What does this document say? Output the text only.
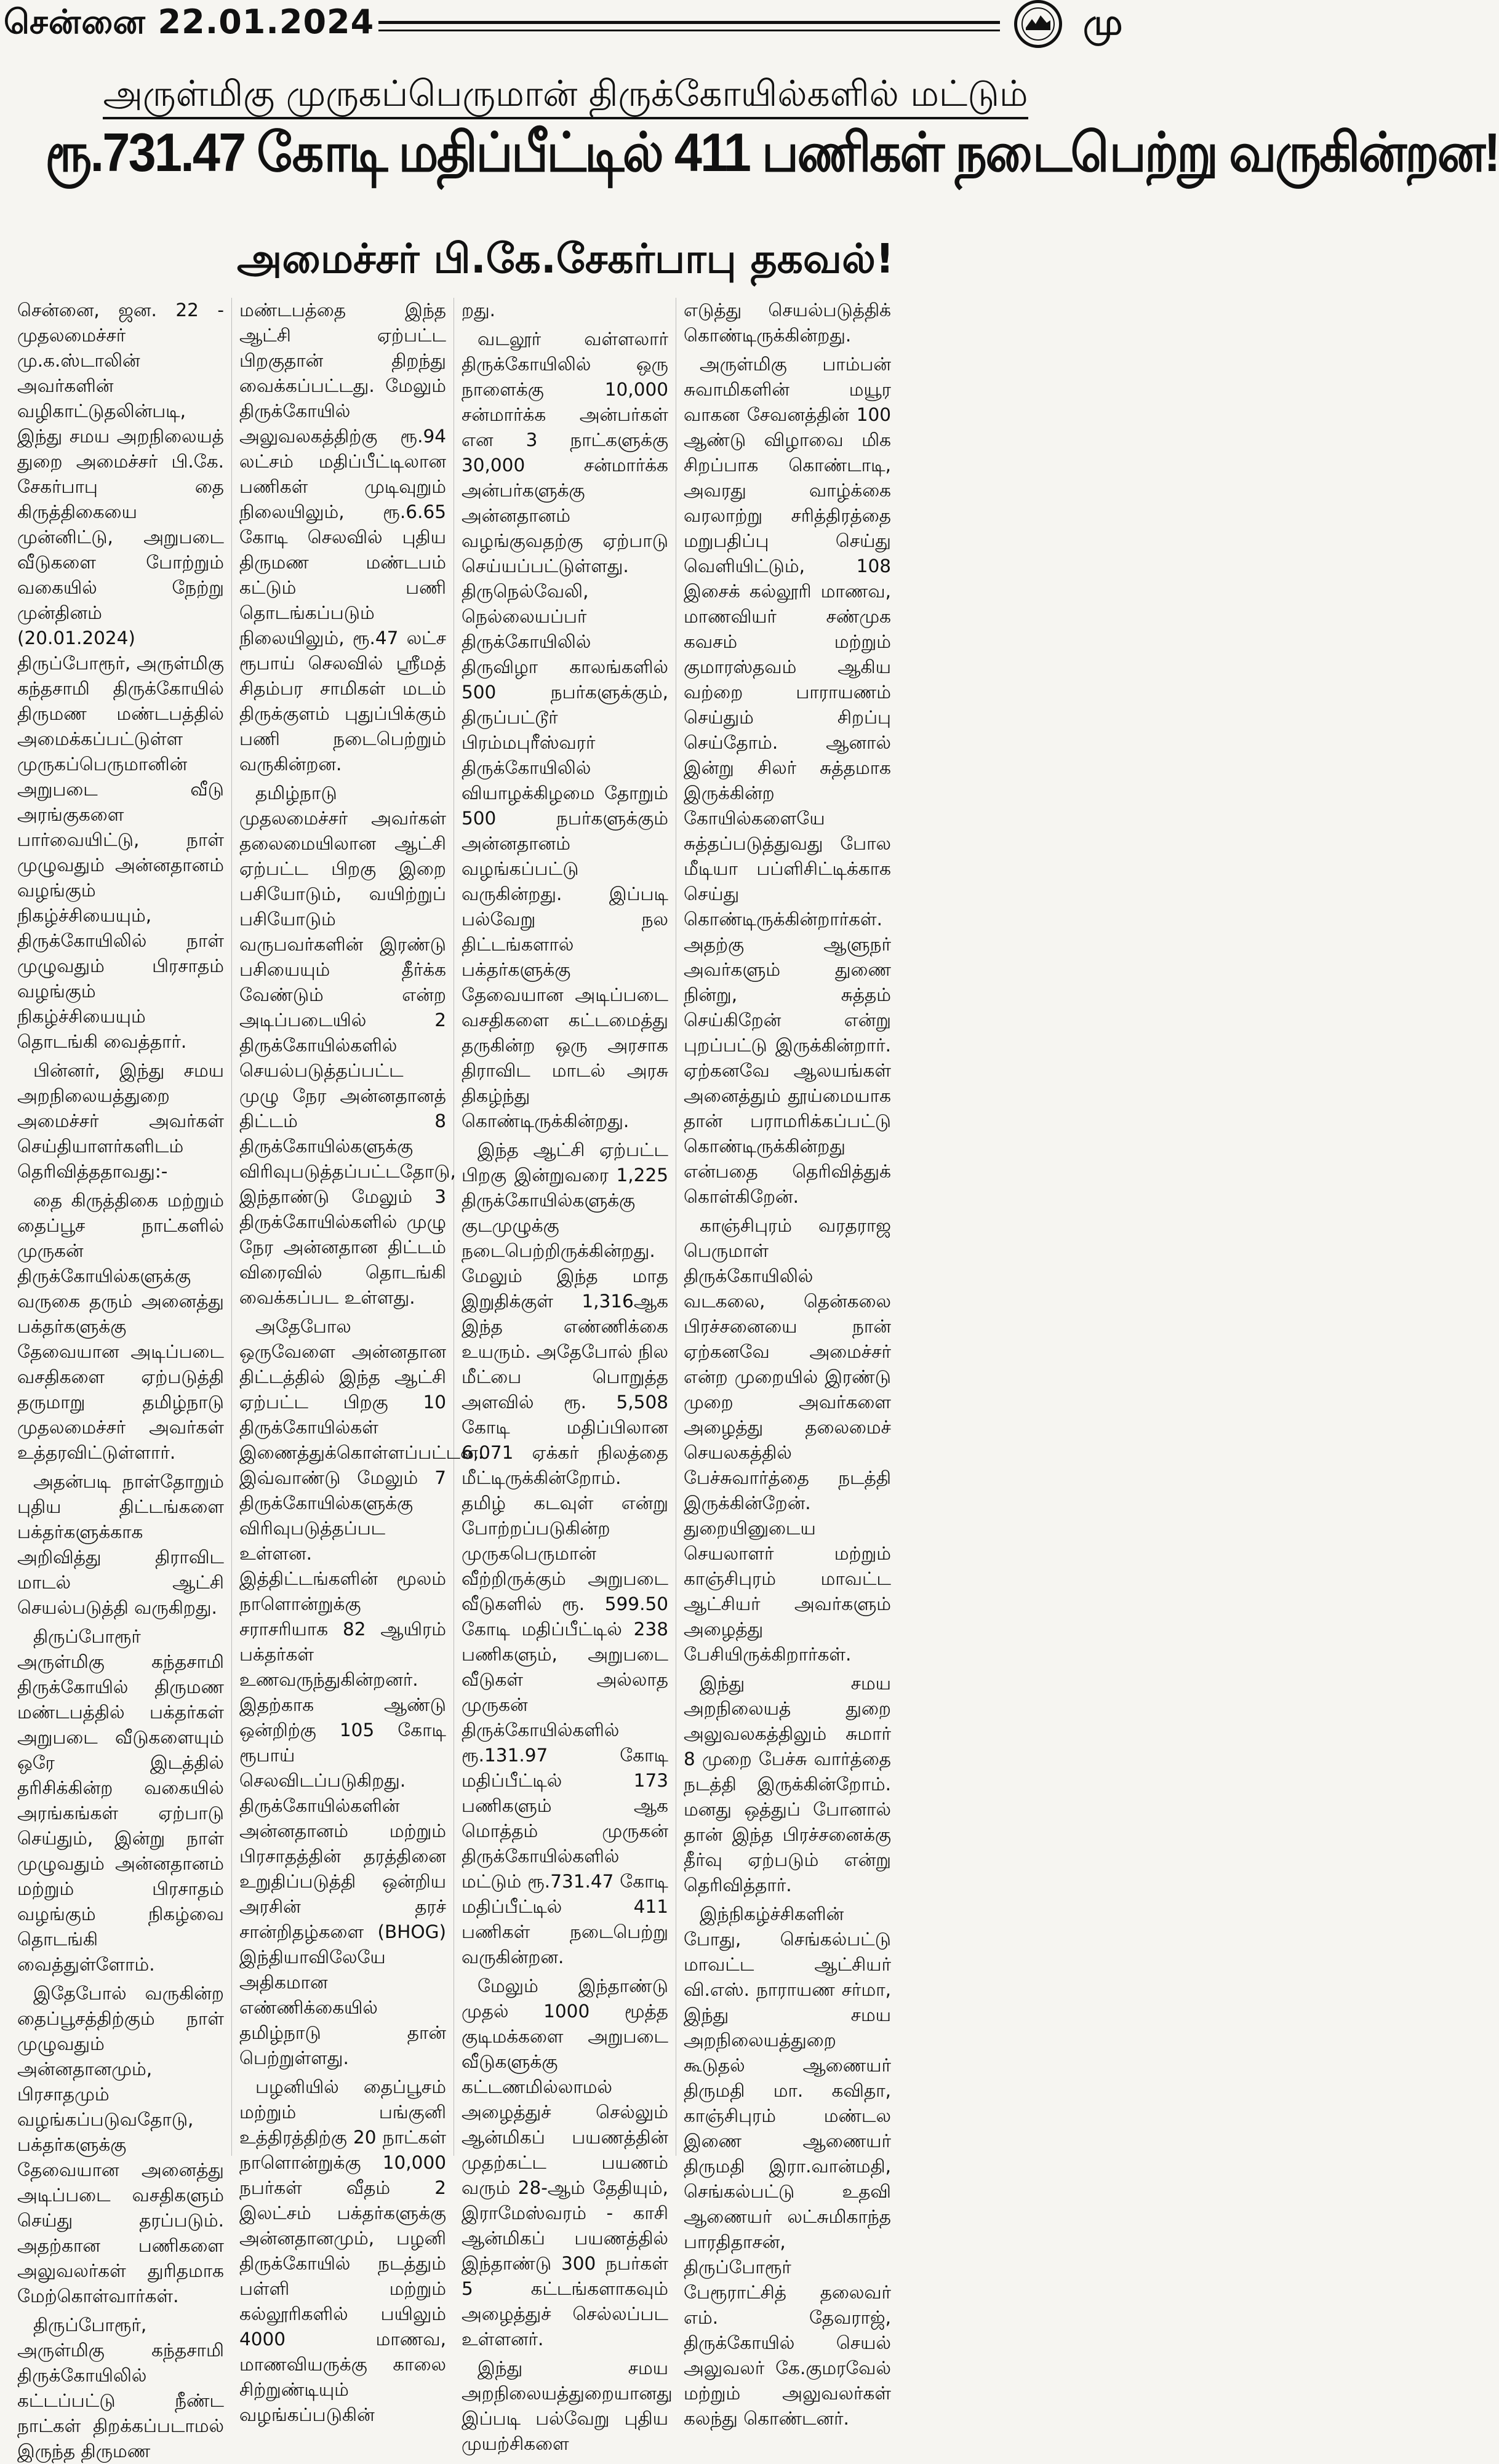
சென்னை 22.01.2024	மு
அருள்மிகு முருகப்பெருமான் திருக்கோயில்களில் மட்டும்
ரூ.731.47 கோடி மதிப்பீட்டில் 411 பணிகள் நடைபெற்று வருகின்றன!
அமைச்சர் பி.கே.சேகர்பாபு தகவல்!

சென்னை, ஜன. 22 - முதலமைச்சர் மு.க.ஸ்டாலின் அவர்களின் வழிகாட்டுதலின்படி, இந்து சமய அறநிலையத் துறை அமைச்சர் பி.கே. சேகர்பாபு தை கிருத்திகையை முன்னிட்டு, அறுபடை வீடுகளை போற்றும் வகையில் நேற்று முன்தினம் (20.01.2024) திருப்போரூர், அருள்மிகு கந்தசாமி திருக்கோயில் திருமண மண்டபத்தில் அமைக்கப்பட்டுள்ள முருகப்பெருமானின் அறுபடை வீடு அரங்குகளை பார்வையிட்டு, நாள் முழுவதும் அன்னதானம் வழங்கும் நிகழ்ச்சியையும், திருக்கோயிலில் நாள் முழுவதும் பிரசாதம் வழங்கும் நிகழ்ச்சியையும் தொடங்கி வைத்தார்.

பின்னர், இந்து சமய அறநிலையத்துறை அமைச்சர் அவர்கள் செய்தியாளர்களிடம் தெரிவித்ததாவது:-

தை கிருத்திகை மற்றும் தைப்பூச நாட்களில் முருகன் திருக்கோயில்களுக்கு வருகை தரும் அனைத்து பக்தர்களுக்கு தேவையான அடிப்படை வசதிகளை ஏற்படுத்தி தருமாறு தமிழ்நாடு முதலமைச்சர் அவர்கள் உத்தரவிட்டுள்ளார்.

அதன்படி நாள்தோறும் புதிய திட்டங்களை பக்தர்களுக்காக அறிவித்து திராவிட மாடல் ஆட்சி செயல்படுத்தி வருகிறது.

திருப்போரூர் அருள்மிகு கந்தசாமி திருக்கோயில் திருமண மண்டபத்தில் பக்தர்கள் அறுபடை வீடுகளையும் ஒரே இடத்தில் தரிசிக்கின்ற வகையில் அரங்கங்கள் ஏற்பாடு செய்தும், இன்று நாள் முழுவதும் அன்னதானம் மற்றும் பிரசாதம் வழங்கும் நிகழ்வை தொடங்கி வைத்துள்ளோம்.

இதேபோல் வருகின்ற தைப்பூசத்திற்கும் நாள் முழுவதும் அன்னதானமும், பிரசாதமும் வழங்கப்படுவதோடு, பக்தர்களுக்கு தேவையான அனைத்து அடிப்படை வசதிகளும் செய்து தரப்படும். அதற்கான பணிகளை அலுவலர்கள் துரிதமாக மேற்கொள்வார்கள்.

திருப்போரூர், அருள்மிகு கந்தசாமி திருக்கோயிலில் கட்டப்பட்டு நீண்ட நாட்கள் திறக்கப்படாமல் இருந்த திருமண

மண்டபத்தை இந்த ஆட்சி ஏற்பட்ட பிறகுதான் திறந்து வைக்கப்பட்டது. மேலும் திருக்கோயில் அலுவலகத்திற்கு ரூ.94 லட்சம் மதிப்பீட்டிலான பணிகள் முடிவுறும் நிலையிலும், ரூ.6.65 கோடி செலவில் புதிய திருமண மண்டபம் கட்டும் பணி தொடங்கப்படும் நிலையிலும், ரூ.47 லட்ச ரூபாய் செலவில் ஸ்ரீமத் சிதம்பர சாமிகள் மடம் திருக்குளம் புதுப்பிக்கும் பணி நடைபெற்றும் வருகின்றன.

தமிழ்நாடு முதலமைச்சர் அவர்கள் தலைமையிலான ஆட்சி ஏற்பட்ட பிறகு இறை பசியோடும், வயிற்றுப் பசியோடும் வருபவர்களின் இரண்டு பசியையும் தீர்க்க வேண்டும் என்ற அடிப்படையில் 2 திருக்கோயில்களில் செயல்படுத்தப்பட்ட முழு நேர அன்னதானத் திட்டம் 8 திருக்கோயில்களுக்கு விரிவுபடுத்தப்பட்டதோடு, இந்தாண்டு மேலும் 3 திருக்கோயில்களில் முழு நேர அன்னதான திட்டம் விரைவில் தொடங்கி வைக்கப்பட உள்ளது.

அதேபோல ஒருவேளை அன்னதான திட்டத்தில் இந்த ஆட்சி ஏற்பட்ட பிறகு 10 திருக்கோயில்கள் இணைத்துக்கொள்ளப்பட்டன. இவ்வாண்டு மேலும் 7 திருக்கோயில்களுக்கு விரிவுபடுத்தப்பட உள்ளன. இத்திட்டங்களின் மூலம் நாளொன்றுக்கு சராசரியாக 82 ஆயிரம் பக்தர்கள் உணவருந்துகின்றனர். இதற்காக ஆண்டு ஒன்றிற்கு 105 கோடி ரூபாய் செலவிடப்படுகிறது. திருக்கோயில்களின் அன்னதானம் மற்றும் பிரசாதத்தின் தரத்தினை உறுதிப்படுத்தி ஒன்றிய அரசின் தரச் சான்றிதழ்களை (BHOG) இந்தியாவிலேயே அதிகமான எண்ணிக்கையில் தமிழ்நாடு தான் பெற்றுள்ளது.

பழனியில் தைப்பூசம் மற்றும் பங்குனி உத்திரத்திற்கு 20 நாட்கள் நாளொன்றுக்கு 10,000 நபர்கள் வீதம் 2 இலட்சம் பக்தர்களுக்கு அன்னதானமும், பழனி திருக்கோயில் நடத்தும் பள்ளி மற்றும் கல்லூரிகளில் பயிலும் 4000 மாணவ, மாணவியருக்கு காலை சிற்றுண்டியும் வழங்கப்படுகின்

றது.

வடலூர் வள்ளலார் திருக்கோயிலில் ஒரு நாளைக்கு 10,000 சன்மார்க்க அன்பர்கள் என 3 நாட்களுக்கு 30,000 சன்மார்க்க அன்பர்களுக்கு அன்னதானம் வழங்குவதற்கு ஏற்பாடு செய்யப்பட்டுள்ளது. திருநெல்வேலி, நெல்லையப்பர் திருக்கோயிலில் திருவிழா காலங்களில் 500 நபர்களுக்கும், திருப்பட்டூர் பிரம்மபுரீஸ்வரர் திருக்கோயிலில் வியாழக்கிழமை தோறும் 500 நபர்களுக்கும் அன்னதானம் வழங்கப்பட்டு வருகின்றது. இப்படி பல்வேறு நல திட்டங்களால் பக்தர்களுக்கு தேவையான அடிப்படை வசதிகளை கட்டமைத்து தருகின்ற ஒரு அரசாக திராவிட மாடல் அரசு திகழ்ந்து கொண்டிருக்கின்றது.

இந்த ஆட்சி ஏற்பட்ட பிறகு இன்றுவரை 1,225 திருக்கோயில்களுக்கு குடமுழுக்கு நடைபெற்றிருக்கின்றது. மேலும் இந்த மாத இறுதிக்குள் 1,316ஆக இந்த எண்ணிக்கை உயரும். அதேபோல் நில மீட்பை பொறுத்த அளவில் ரூ. 5,508 கோடி மதிப்பிலான 6,071 ஏக்கர் நிலத்தை மீட்டிருக்கின்றோம். தமிழ் கடவுள் என்று போற்றப்படுகின்ற முருகபெருமான் வீற்றிருக்கும் அறுபடை வீடுகளில் ரூ. 599.50 கோடி மதிப்பீட்டில் 238 பணிகளும், அறுபடை வீடுகள் அல்லாத முருகன் திருக்கோயில்களில் ரூ.131.97 கோடி மதிப்பீட்டில் 173 பணிகளும் ஆக மொத்தம் முருகன் திருக்கோயில்களில் மட்டும் ரூ.731.47 கோடி மதிப்பீட்டில் 411 பணிகள் நடைபெற்று வருகின்றன.

மேலும் இந்தாண்டு முதல் 1000 மூத்த குடிமக்களை அறுபடை வீடுகளுக்கு கட்டணமில்லாமல் அழைத்துச் செல்லும் ஆன்மிகப் பயணத்தின் முதற்கட்ட பயணம் வரும் 28-ஆம் தேதியும், இராமேஸ்வரம் - காசி ஆன்மிகப் பயணத்தில் இந்தாண்டு 300 நபர்கள் 5 கட்டங்களாகவும் அழைத்துச் செல்லப்பட உள்ளனர்.

இந்து சமய அறநிலையத்துறையானது இப்படி பல்வேறு புதிய முயற்சிகளை

எடுத்து செயல்படுத்திக் கொண்டிருக்கின்றது.

அருள்மிகு பாம்பன் சுவாமிகளின் மயூர வாகன சேவனத்தின் 100 ஆண்டு விழாவை மிக சிறப்பாக கொண்டாடி, அவரது வாழ்க்கை வரலாற்று சரித்திரத்தை மறுபதிப்பு செய்து வெளியிட்டும், 108 இசைக் கல்லூரி மாணவ, மாணவியர் சண்முக கவசம் மற்றும் குமாரஸ்தவம் ஆகிய வற்றை பாராயணம் செய்தும் சிறப்பு செய்தோம். ஆனால் இன்று சிலர் சுத்தமாக இருக்கின்ற கோயில்களையே சுத்தப்படுத்துவது போல மீடியா பப்ளிசிட்டிக்காக செய்து கொண்டிருக்கின்றார்கள். அதற்கு ஆளுநர் அவர்களும் துணை நின்று, சுத்தம் செய்கிறேன் என்று புறப்பட்டு இருக்கின்றார். ஏற்கனவே ஆலயங்கள் அனைத்தும் தூய்மையாக தான் பராமரிக்கப்பட்டு கொண்டிருக்கின்றது என்பதை தெரிவித்துக் கொள்கிறேன்.

காஞ்சிபுரம் வரதராஜ பெருமாள் திருக்கோயிலில் வடகலை, தென்கலை பிரச்சனையை நான் ஏற்கனவே அமைச்சர் என்ற முறையில் இரண்டு முறை அவர்களை அழைத்து தலைமைச் செயலகத்தில் பேச்சுவார்த்தை நடத்தி இருக்கின்றேன். துறையினுடைய செயலாளர் மற்றும் காஞ்சிபுரம் மாவட்ட ஆட்சியர் அவர்களும் அழைத்து பேசியிருக்கிறார்கள்.

இந்து சமய அறநிலையத் துறை அலுவலகத்திலும் சுமார் 8 முறை பேச்சு வார்த்தை நடத்தி இருக்கின்றோம். மனது ஒத்துப் போனால் தான் இந்த பிரச்சனைக்கு தீர்வு ஏற்படும் என்று தெரிவித்தார்.

இந்நிகழ்ச்சிகளின் போது, செங்கல்பட்டு மாவட்ட ஆட்சியர் வி.எஸ். நாராயண சர்மா, இந்து சமய அறநிலையத்துறை கூடுதல் ஆணையர் திருமதி மா. கவிதா, காஞ்சிபுரம் மண்டல இணை ஆணையர் திருமதி இரா.வான்மதி, செங்கல்பட்டு உதவி ஆணையர் லட்சுமிகாந்த பாரதிதாசன், திருப்போரூர் பேரூராட்சித் தலைவர் எம். தேவராஜ், திருக்கோயில் செயல் அலுவலர் கே.குமரவேல் மற்றும் அலுவலர்கள் கலந்து கொண்டனர்.
